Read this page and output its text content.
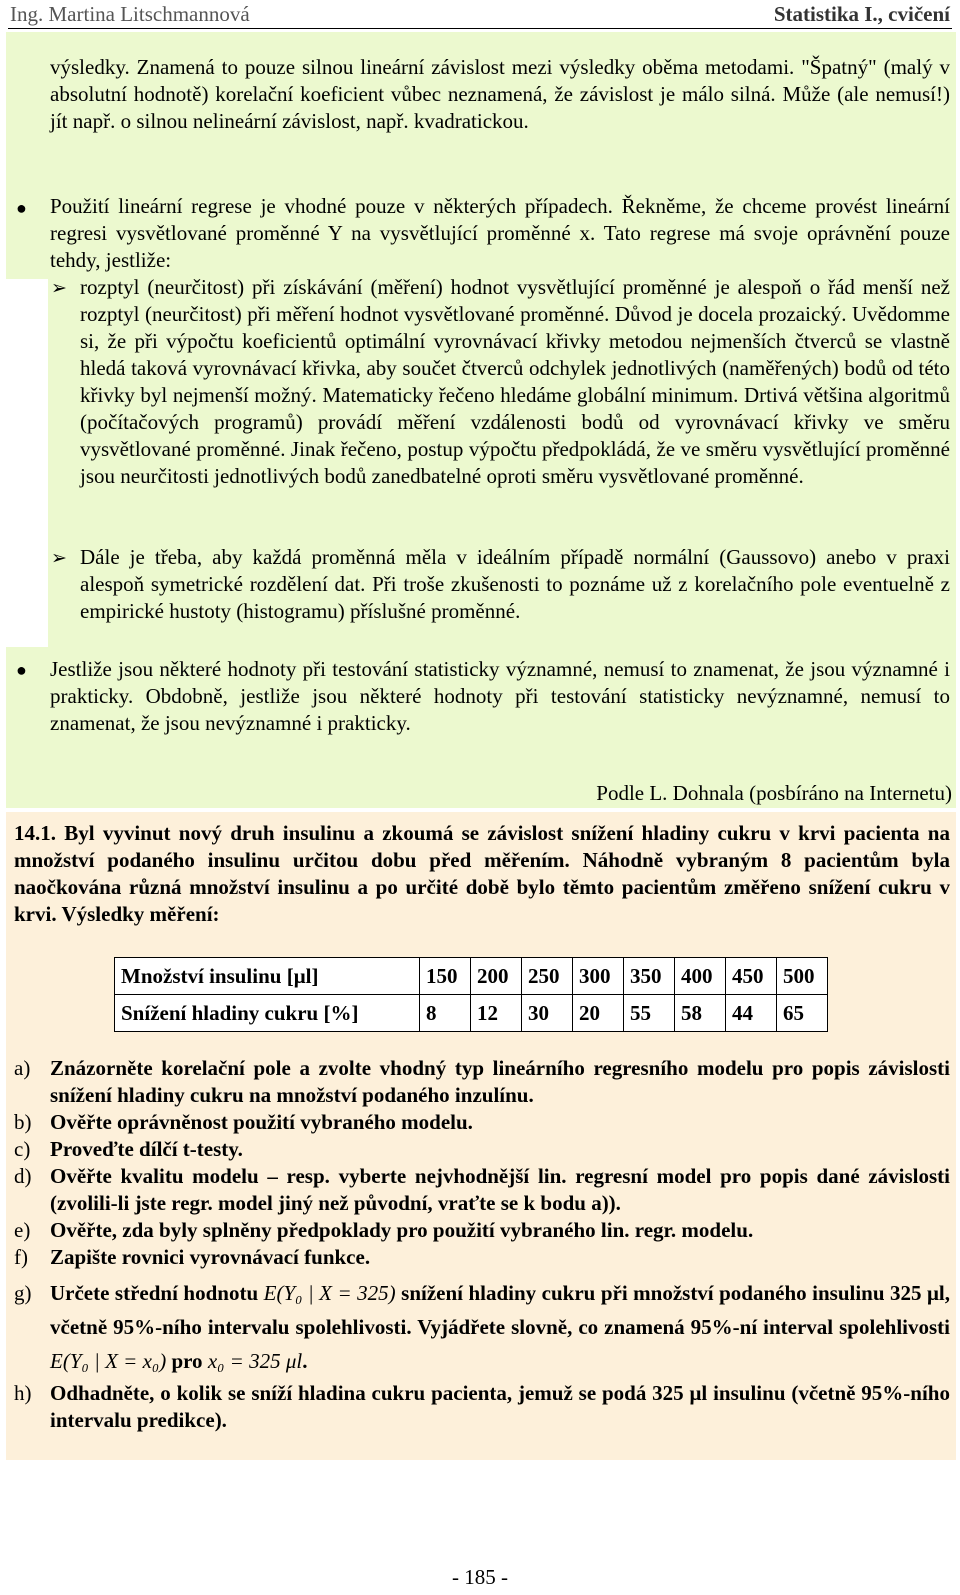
Ing. Martina Litschmannová	Statistika I., cvičení
výsledky. Znamená to pouze silnou lineární závislost mezi výsledky oběma metodami. "Špatný" (malý v absolutní hodnotě) korelační koeficient vůbec neznamená, že závislost je málo silná. Může (ale nemusí!) jít např. o silnou nelineární závislost, např. kvadratickou.
● Použití lineární regrese je vhodné pouze v některých případech. Řekněme, že chceme provést lineární regresi vysvětlované proměnné Y na vysvětlující proměnné x. Tato regrese má svoje oprávnění pouze tehdy, jestliže:
➢ rozptyl (neurčitost) při získávání (měření) hodnot vysvětlující proměnné je alespoň o řád menší než rozptyl (neurčitost) při měření hodnot vysvětlované proměnné. Důvod je docela prozaický. Uvědomme si, že při výpočtu koeficientů optimální vyrovnávací křivky metodou nejmenších čtverců se vlastně hledá taková vyrovnávací křivka, aby součet čtverců odchylek jednotlivých (naměřených) bodů od této křivky byl nejmenší možný. Matematicky řečeno hledáme globální minimum. Drtivá většina algoritmů (počítačových programů) provádí měření vzdálenosti bodů od vyrovnávací křivky ve směru vysvětlované proměnné. Jinak řečeno, postup výpočtu předpokládá, že ve směru vysvětlující proměnné jsou neurčitosti jednotlivých bodů zanedbatelné oproti směru vysvětlované proměnné.
➢ Dále je třeba, aby každá proměnná měla v ideálním případě normální (Gaussovo) anebo v praxi alespoň symetrické rozdělení dat. Při troše zkušenosti to poznáme už z korelačního pole eventuelně z empirické hustoty (histogramu) příslušné proměnné.
● Jestliže jsou některé hodnoty při testování statisticky významné, nemusí to znamenat, že jsou významné i prakticky. Obdobně, jestliže jsou některé hodnoty při testování statisticky nevýznamné, nemusí to znamenat, že jsou nevýznamné i prakticky.
Podle L. Dohnala (posbíráno na Internetu)
14.1. Byl vyvinut nový druh insulinu a zkoumá se závislost snížení hladiny cukru v krvi pacienta na množství podaného insulinu určitou dobu před měřením. Náhodně vybraným 8 pacientům byla naočkována různá množství insulinu a po určité době bylo těmto pacientům změřeno snížení cukru v krvi. Výsledky měření:
Množství insulinu [μl]	150	200	250	300	350	400	450	500
Snížení hladiny cukru [%]	8	12	30	20	55	58	44	65
a) Znázorněte korelační pole a zvolte vhodný typ lineárního regresního modelu pro popis závislosti snížení hladiny cukru na množství podaného inzulínu.
b) Ověřte oprávněnost použití vybraného modelu.
c) Proveďte dílčí t-testy.
d) Ověřte kvalitu modelu – resp. vyberte nejvhodnější lin. regresní model pro popis dané závislosti (zvolili-li jste regr. model jiný než původní, vraťte se k bodu a)).
e) Ověřte, zda byly splněny předpoklady pro použití vybraného lin. regr. modelu.
f) Zapište rovnici vyrovnávací funkce.
g) Určete střední hodnotu E(Y₀ | X = 325) snížení hladiny cukru při množství podaného insulinu 325 μl, včetně 95%-ního intervalu spolehlivosti. Vyjádřete slovně, co znamená 95%-ní interval spolehlivosti E(Y₀ | X = x₀) pro x₀ = 325 μl.
h) Odhadněte, o kolik se sníží hladina cukru pacienta, jemuž se podá 325 μl insulinu (včetně 95%-ního intervalu predikce).
- 185 -
